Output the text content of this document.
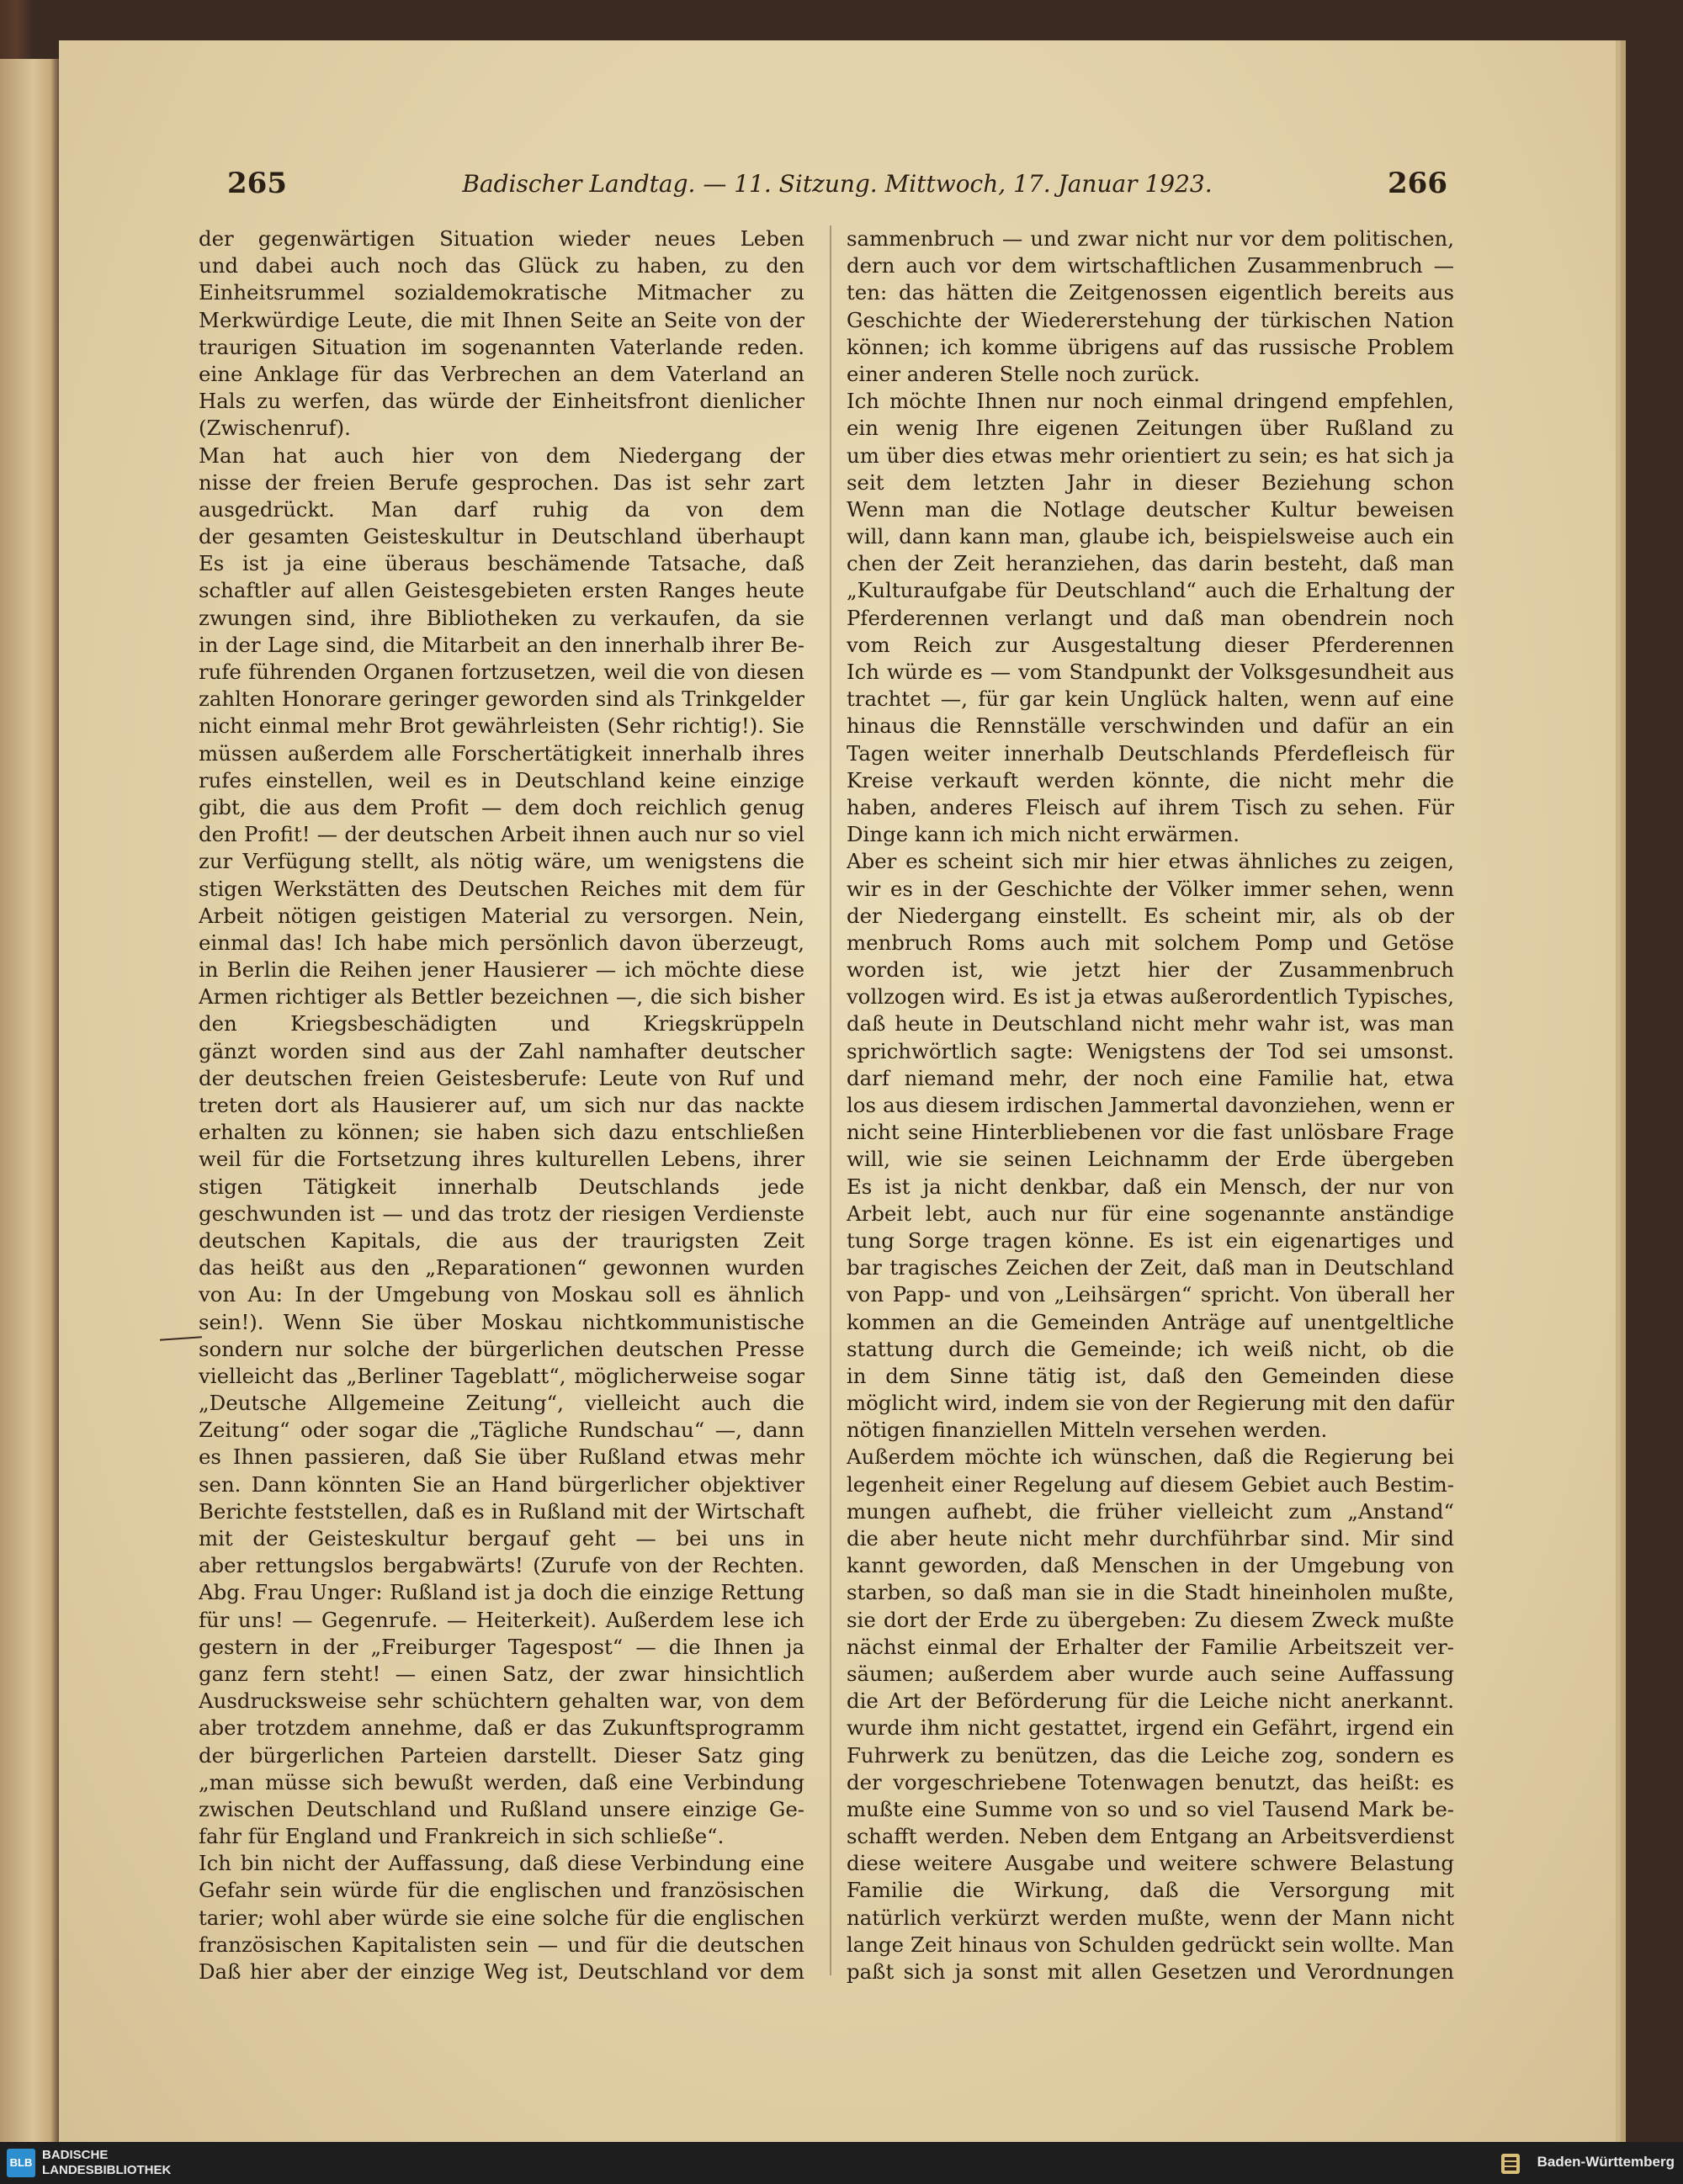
265	Badischer Landtag. — 11. Sitzung. Mittwoch, 17. Januar 1923.	266
der gegenwärtigen Situation wieder neues Leben
und dabei auch noch das Glück zu haben, zu den
Einheitsrummel sozialdemokratische Mitmacher zu
Merkwürdige Leute, die mit Ihnen Seite an Seite von der
traurigen Situation im sogenannten Vaterlande reden.
eine Anklage für das Verbrechen an dem Vaterland an
Hals zu werfen, das würde der Einheitsfront dienlicher
(Zwischenruf).
Man hat auch hier von dem Niedergang der
nisse der freien Berufe gesprochen. Das ist sehr zart
ausgedrückt. Man darf ruhig da von dem
der gesamten Geisteskultur in Deutschland überhaupt
Es ist ja eine überaus beschämende Tatsache, daß
schaftler auf allen Geistesgebieten ersten Ranges heute
zwungen sind, ihre Bibliotheken zu verkaufen, da sie
in der Lage sind, die Mitarbeit an den innerhalb ihrer Be-
rufe führenden Organen fortzusetzen, weil die von diesen
zahlten Honorare geringer geworden sind als Trinkgelder
nicht einmal mehr Brot gewährleisten (Sehr richtig!). Sie
müssen außerdem alle Forschertätigkeit innerhalb ihres
rufes einstellen, weil es in Deutschland keine einzige
gibt, die aus dem Profit — dem doch reichlich genug
den Profit! — der deutschen Arbeit ihnen auch nur so viel
zur Verfügung stellt, als nötig wäre, um wenigstens die
stigen Werkstätten des Deutschen Reiches mit dem für
Arbeit nötigen geistigen Material zu versorgen. Nein,
einmal das! Ich habe mich persönlich davon überzeugt,
in Berlin die Reihen jener Hausierer — ich möchte diese
Armen richtiger als Bettler bezeichnen —, die sich bisher
den Kriegsbeschädigten und Kriegskrüppeln
gänzt worden sind aus der Zahl namhafter deutscher
der deutschen freien Geistesberufe: Leute von Ruf und
treten dort als Hausierer auf, um sich nur das nackte
erhalten zu können; sie haben sich dazu entschließen
weil für die Fortsetzung ihres kulturellen Lebens, ihrer
stigen Tätigkeit innerhalb Deutschlands jede
geschwunden ist — und das trotz der riesigen Verdienste
deutschen Kapitals, die aus der traurigsten Zeit
das heißt aus den „Reparationen“ gewonnen wurden
von Au: In der Umgebung von Moskau soll es ähnlich
sein!). Wenn Sie über Moskau nichtkommunistische
sondern nur solche der bürgerlichen deutschen Presse
vielleicht das „Berliner Tageblatt“, möglicherweise sogar
„Deutsche Allgemeine Zeitung“, vielleicht auch die
Zeitung“ oder sogar die „Tägliche Rundschau“ —, dann
es Ihnen passieren, daß Sie über Rußland etwas mehr
sen. Dann könnten Sie an Hand bürgerlicher objektiver
Berichte feststellen, daß es in Rußland mit der Wirtschaft
mit der Geisteskultur bergauf geht — bei uns in
aber rettungslos bergabwärts! (Zurufe von der Rechten.
Abg. Frau Unger: Rußland ist ja doch die einzige Rettung
für uns! — Gegenrufe. — Heiterkeit). Außerdem lese ich
gestern in der „Freiburger Tagespost“ — die Ihnen ja
ganz fern steht! — einen Satz, der zwar hinsichtlich
Ausdrucksweise sehr schüchtern gehalten war, von dem
aber trotzdem annehme, daß er das Zukunftsprogramm
der bürgerlichen Parteien darstellt. Dieser Satz ging
„man müsse sich bewußt werden, daß eine Verbindung
zwischen Deutschland und Rußland unsere einzige Ge-
fahr für England und Frankreich in sich schließe“.
Ich bin nicht der Auffassung, daß diese Verbindung eine
Gefahr sein würde für die englischen und französischen
tarier; wohl aber würde sie eine solche für die englischen
französischen Kapitalisten sein — und für die deutschen
Daß hier aber der einzige Weg ist, Deutschland vor dem
sammenbruch — und zwar nicht nur vor dem politischen,
dern auch vor dem wirtschaftlichen Zusammenbruch —
ten: das hätten die Zeitgenossen eigentlich bereits aus
Geschichte der Wiedererstehung der türkischen Nation
können; ich komme übrigens auf das russische Problem
einer anderen Stelle noch zurück.
Ich möchte Ihnen nur noch einmal dringend empfehlen,
ein wenig Ihre eigenen Zeitungen über Rußland zu
um über dies etwas mehr orientiert zu sein; es hat sich ja
seit dem letzten Jahr in dieser Beziehung schon
Wenn man die Notlage deutscher Kultur beweisen
will, dann kann man, glaube ich, beispielsweise auch ein
chen der Zeit heranziehen, das darin besteht, daß man
„Kulturaufgabe für Deutschland“ auch die Erhaltung der
Pferderennen verlangt und daß man obendrein noch
vom Reich zur Ausgestaltung dieser Pferderennen
Ich würde es — vom Standpunkt der Volksgesundheit aus
trachtet —, für gar kein Unglück halten, wenn auf eine
hinaus die Rennställe verschwinden und dafür an ein
Tagen weiter innerhalb Deutschlands Pferdefleisch für
Kreise verkauft werden könnte, die nicht mehr die
haben, anderes Fleisch auf ihrem Tisch zu sehen. Für
Dinge kann ich mich nicht erwärmen.
Aber es scheint sich mir hier etwas ähnliches zu zeigen,
wir es in der Geschichte der Völker immer sehen, wenn
der Niedergang einstellt. Es scheint mir, als ob der
menbruch Roms auch mit solchem Pomp und Getöse
worden ist, wie jetzt hier der Zusammenbruch
vollzogen wird. Es ist ja etwas außerordentlich Typisches,
daß heute in Deutschland nicht mehr wahr ist, was man
sprichwörtlich sagte: Wenigstens der Tod sei umsonst.
darf niemand mehr, der noch eine Familie hat, etwa
los aus diesem irdischen Jammertal davonziehen, wenn er
nicht seine Hinterbliebenen vor die fast unlösbare Frage
will, wie sie seinen Leichnamm der Erde übergeben
Es ist ja nicht denkbar, daß ein Mensch, der nur von
Arbeit lebt, auch nur für eine sogenannte anständige
tung Sorge tragen könne. Es ist ein eigenartiges und
bar tragisches Zeichen der Zeit, daß man in Deutschland
von Papp- und von „Leihsärgen“ spricht. Von überall her
kommen an die Gemeinden Anträge auf unentgeltliche
stattung durch die Gemeinde; ich weiß nicht, ob die
in dem Sinne tätig ist, daß den Gemeinden diese
möglicht wird, indem sie von der Regierung mit den dafür
nötigen finanziellen Mitteln versehen werden.
Außerdem möchte ich wünschen, daß die Regierung bei
legenheit einer Regelung auf diesem Gebiet auch Bestim-
mungen aufhebt, die früher vielleicht zum „Anstand“
die aber heute nicht mehr durchführbar sind. Mir sind
kannt geworden, daß Menschen in der Umgebung von
starben, so daß man sie in die Stadt hineinholen mußte,
sie dort der Erde zu übergeben: Zu diesem Zweck mußte
nächst einmal der Erhalter der Familie Arbeitszeit ver-
säumen; außerdem aber wurde auch seine Auffassung
die Art der Beförderung für die Leiche nicht anerkannt.
wurde ihm nicht gestattet, irgend ein Gefährt, irgend ein
Fuhrwerk zu benützen, das die Leiche zog, sondern es
der vorgeschriebene Totenwagen benutzt, das heißt: es
mußte eine Summe von so und so viel Tausend Mark be-
schafft werden. Neben dem Entgang an Arbeitsverdienst
diese weitere Ausgabe und weitere schwere Belastung
Familie die Wirkung, daß die Versorgung mit
natürlich verkürzt werden mußte, wenn der Mann nicht
lange Zeit hinaus von Schulden gedrückt sein wollte. Man
paßt sich ja sonst mit allen Gesetzen und Verordnungen
BLB
BADISCHE
LANDESBIBLIOTHEK
Baden-Württemberg
